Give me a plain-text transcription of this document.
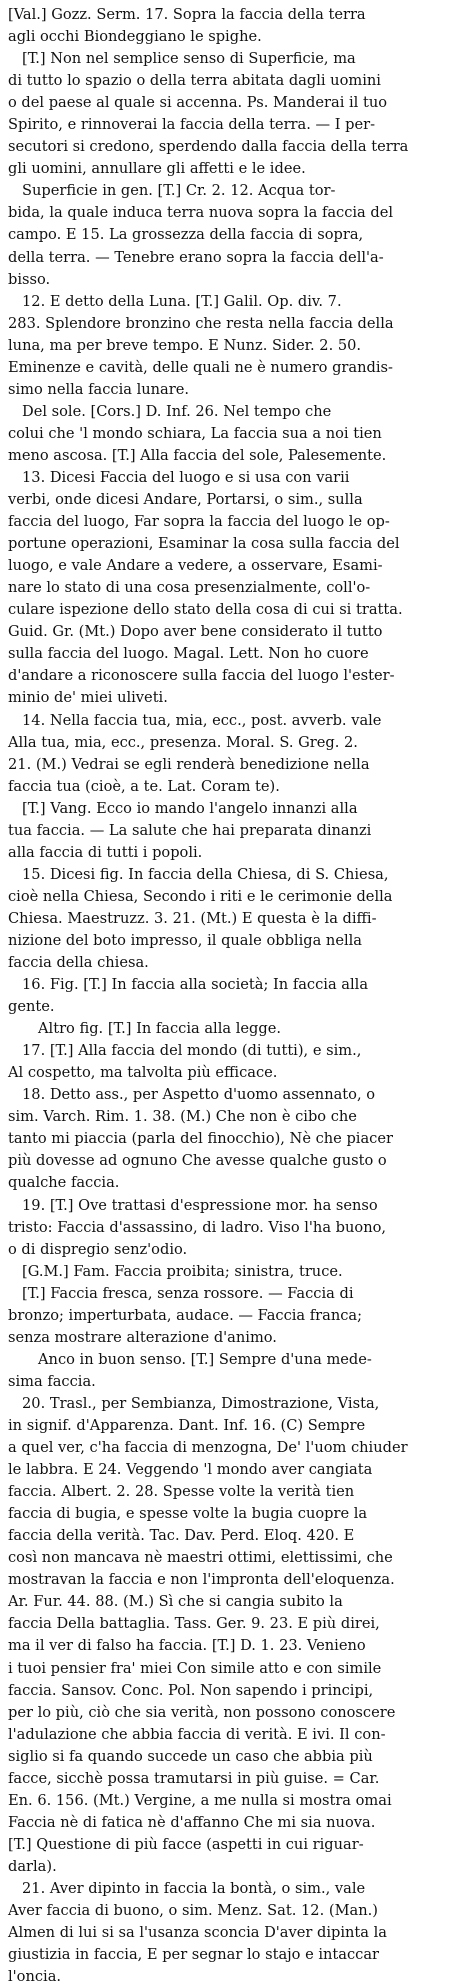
[Val.] Gozz. Serm. 17. Sopra la faccia della terra
agli occhi Biondeggiano le spighe.
[T.] Non nel semplice senso di Superficie, ma
di tutto lo spazio o della terra abitata dagli uomini
o del paese al quale si accenna. Ps. Manderai il tuo
Spirito, e rinnoverai la faccia della terra. — I per-
secutori si credono, sperdendo dalla faccia della terra
gli uomini, annullare gli affetti e le idee.
Superficie in gen. [T.] Cr. 2. 12. Acqua tor-
bida, la quale induca terra nuova sopra la faccia del
campo. E 15. La grossezza della faccia di sopra,
della terra. — Tenebre erano sopra la faccia dell'a-
bisso.
12. E detto della Luna. [T.] Galil. Op. div. 7.
283. Splendore bronzino che resta nella faccia della
luna, ma per breve tempo. E Nunz. Sider. 2. 50.
Eminenze e cavità, delle quali ne è numero grandis-
simo nella faccia lunare.
Del sole. [Cors.] D. Inf. 26. Nel tempo che
colui che 'l mondo schiara, La faccia sua a noi tien
meno ascosa. [T.] Alla faccia del sole, Palesemente.
13. Dicesi Faccia del luogo e si usa con varii
verbi, onde dicesi Andare, Portarsi, o sim., sulla
faccia del luogo, Far sopra la faccia del luogo le op-
portune operazioni, Esaminar la cosa sulla faccia del
luogo, e vale Andare a vedere, a osservare, Esami-
nare lo stato di una cosa presenzialmente, coll'o-
culare ispezione dello stato della cosa di cui si tratta.
Guid. Gr. (Mt.) Dopo aver bene considerato il tutto
sulla faccia del luogo. Magal. Lett. Non ho cuore
d'andare a riconoscere sulla faccia del luogo l'ester-
minio de' miei uliveti.
14. Nella faccia tua, mia, ecc., post. avverb. vale
Alla tua, mia, ecc., presenza. Moral. S. Greg. 2.
21. (M.) Vedrai se egli renderà benedizione nella
faccia tua (cioè, a te. Lat. Coram te).
[T.] Vang. Ecco io mando l'angelo innanzi alla
tua faccia. — La salute che hai preparata dinanzi
alla faccia di tutti i popoli.
15. Dicesi fig. In faccia della Chiesa, di S. Chiesa,
cioè nella Chiesa, Secondo i riti e le cerimonie della
Chiesa. Maestruzz. 3. 21. (Mt.) E questa è la diffi-
nizione del boto impresso, il quale obbliga nella
faccia della chiesa.
16. Fig. [T.] In faccia alla società; In faccia alla
gente.
Altro fig. [T.] In faccia alla legge.
17. [T.] Alla faccia del mondo (di tutti), e sim.,
Al cospetto, ma talvolta più efficace.
18. Detto ass., per Aspetto d'uomo assennato, o
sim. Varch. Rim. 1. 38. (M.) Che non è cibo che
tanto mi piaccia (parla del finocchio), Nè che piacer
più dovesse ad ognuno Che avesse qualche gusto o
qualche faccia.
19. [T.] Ove trattasi d'espressione mor. ha senso
tristo: Faccia d'assassino, di ladro. Viso l'ha buono,
o di dispregio senz'odio.
[G.M.] Fam. Faccia proibita; sinistra, truce.
[T.] Faccia fresca, senza rossore. — Faccia di
bronzo; imperturbata, audace. — Faccia franca;
senza mostrare alterazione d'animo.
Anco in buon senso. [T.] Sempre d'una mede-
sima faccia.
20. Trasl., per Sembianza, Dimostrazione, Vista,
in signif. d'Apparenza. Dant. Inf. 16. (C) Sempre
a quel ver, c'ha faccia di menzogna, De' l'uom chiuder
le labbra. E 24. Veggendo 'l mondo aver cangiata
faccia. Albert. 2. 28. Spesse volte la verità tien
faccia di bugia, e spesse volte la bugia cuopre la
faccia della verità. Tac. Dav. Perd. Eloq. 420. E
così non mancava nè maestri ottimi, elettissimi, che
mostravan la faccia e non l'impronta dell'eloquenza.
Ar. Fur. 44. 88. (M.) Sì che si cangia subito la
faccia Della battaglia. Tass. Ger. 9. 23. E più direi,
ma il ver di falso ha faccia. [T.] D. 1. 23. Venieno
i tuoi pensier fra' miei Con simile atto e con simile
faccia. Sansov. Conc. Pol. Non sapendo i principi,
per lo più, ciò che sia verità, non possono conoscere
l'adulazione che abbia faccia di verità. E ivi. Il con-
siglio si fa quando succede un caso che abbia più
facce, sicchè possa tramutarsi in più guise. = Car.
En. 6. 156. (Mt.) Vergine, a me nulla si mostra omai
Faccia nè di fatica nè d'affanno Che mi sia nuova.
[T.] Questione di più facce (aspetti in cui riguar-
darla).
21. Aver dipinto in faccia la bontà, o sim., vale
Aver faccia di buono, o sim. Menz. Sat. 12. (Man.)
Almen di lui si sa l'usanza sconcia D'aver dipinta la
giustizia in faccia, E per segnar lo stajo e intaccar
l'oncia.
